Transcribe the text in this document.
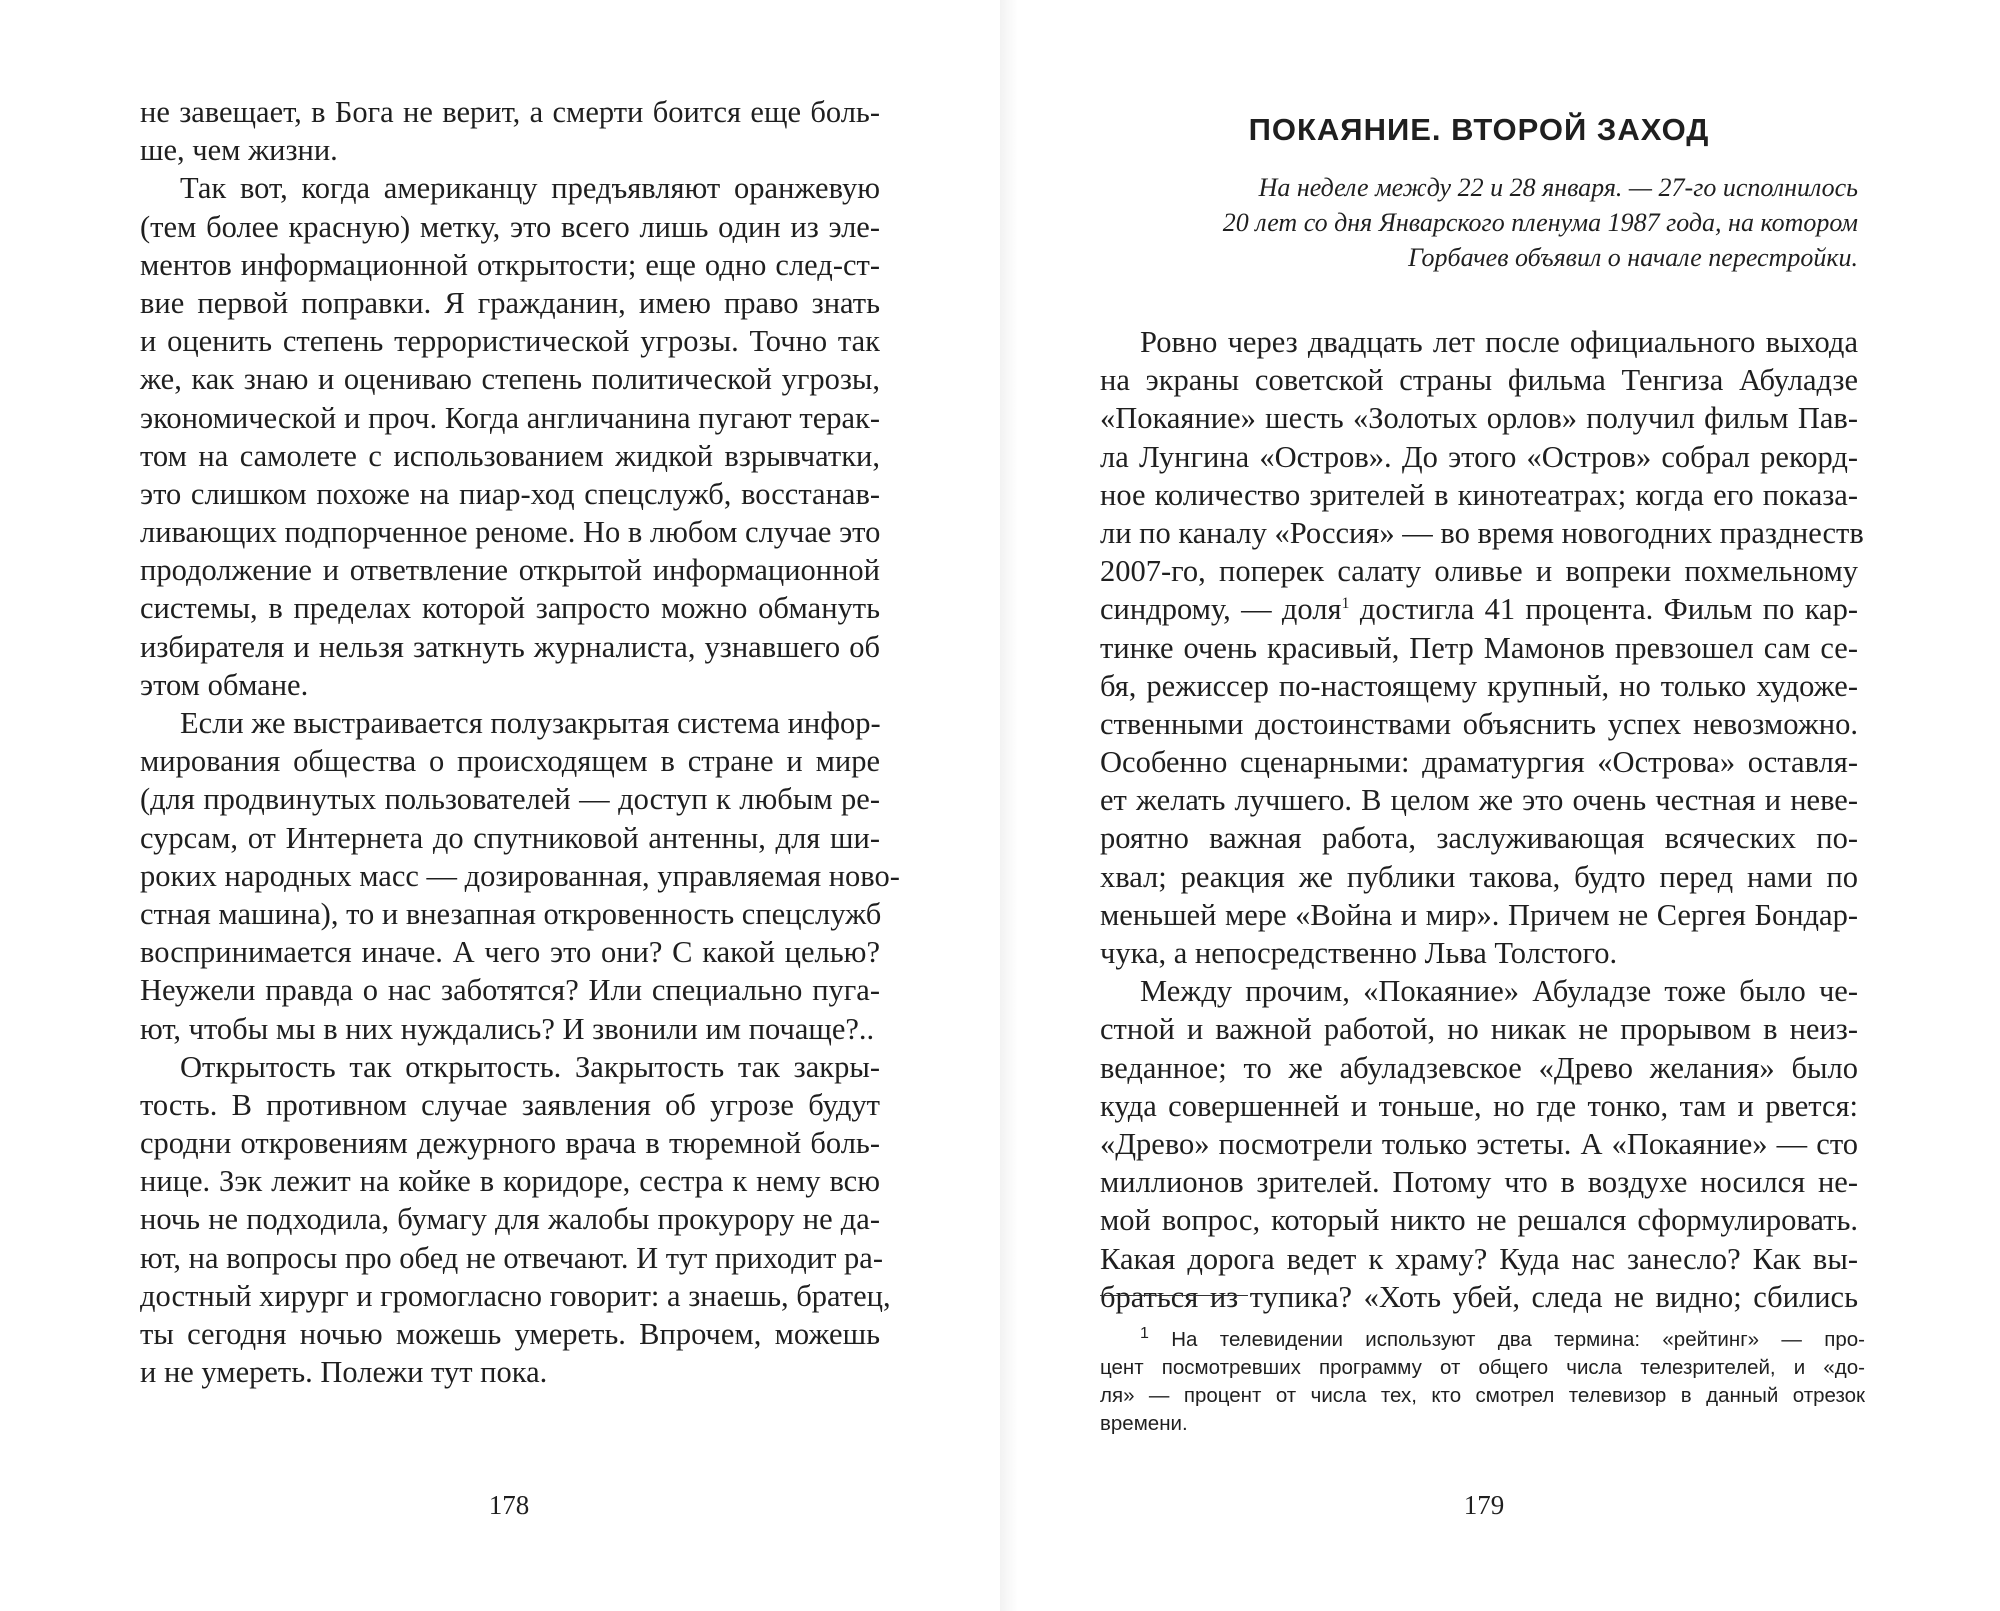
не завещает, в Бога не верит, а смерти боится еще боль-
ше, чем жизни.
Так вот, когда американцу предъявляют оранжевую
(тем более красную) метку, это всего лишь один из эле-
ментов информационной открытости; еще одно след-ст-
вие первой поправки. Я гражданин, имею право знать
и оценить степень террористической угрозы. Точно так
же, как знаю и оцениваю степень политической угрозы,
экономической и проч. Когда англичанина пугают терак-
том на самолете с использованием жидкой взрывчатки,
это слишком похоже на пиар-ход спецслужб, восстанав-
ливающих подпорченное реноме. Но в любом случае это
продолжение и ответвление открытой информационной
системы, в пределах которой запросто можно обмануть
избирателя и нельзя заткнуть журналиста, узнавшего об
этом обмане.
Если же выстраивается полузакрытая система инфор-
мирования общества о происходящем в стране и мире
(для продвинутых пользователей — доступ к любым ре-
сурсам, от Интернета до спутниковой антенны, для ши-
роких народных масс — дозированная, управляемая ново-
стная машина), то и внезапная откровенность спецслужб
воспринимается иначе. А чего это они? С какой целью?
Неужели правда о нас заботятся? Или специально пуга-
ют, чтобы мы в них нуждались? И звонили им почаще?..
Открытость так открытость. Закрытость так закры-
тость. В противном случае заявления об угрозе будут
сродни откровениям дежурного врача в тюремной боль-
нице. Зэк лежит на койке в коридоре, сестра к нему всю
ночь не подходила, бумагу для жалобы прокурору не да-
ют, на вопросы про обед не отвечают. И тут приходит ра-
достный хирург и громогласно говорит: а знаешь, братец,
ты сегодня ночью можешь умереть. Впрочем, можешь
и не умереть. Полежи тут пока.
178
ПОКАЯНИЕ. ВТОРОЙ ЗАХОД
На неделе между 22 и 28 января. — 27-го исполнилось
20 лет со дня Январского пленума 1987 года, на котором
Горбачев объявил о начале перестройки.
Ровно через двадцать лет после официального выхода
на экраны советской страны фильма Тенгиза Абуладзе
«Покаяние» шесть «Золотых орлов» получил фильм Пав-
ла Лунгина «Остров». До этого «Остров» собрал рекорд-
ное количество зрителей в кинотеатрах; когда его показа-
ли по каналу «Россия» — во время новогодних празднеств
2007-го, поперек салату оливье и вопреки похмельному
синдрому, — доля$^1$ достигла 41 процента. Фильм по кар-
тинке очень красивый, Петр Мамонов превзошел сам се-
бя, режиссер по-настоящему крупный, но только художе-
ственными достоинствами объяснить успех невозможно.
Особенно сценарными: драматургия «Острова» оставля-
ет желать лучшего. В целом же это очень честная и неве-
роятно важная работа, заслуживающая всяческих по-
хвал; реакция же публики такова, будто перед нами по
меньшей мере «Война и мир». Причем не Сергея Бондар-
чука, а непосредственно Льва Толстого.
Между прочим, «Покаяние» Абуладзе тоже было че-
стной и важной работой, но никак не прорывом в неиз-
веданное; то же абуладзевское «Древо желания» было
куда совершенней и тоньше, но где тонко, там и рвется:
«Древо» посмотрели только эстеты. А «Покаяние» — сто
миллионов зрителей. Потому что в воздухе носился не-
мой вопрос, который никто не решался сформулировать.
Какая дорога ведет к храму? Куда нас занесло? Как вы-
браться из тупика? «Хоть убей, следа не видно; сбились
$^1$ На телевидении используют два термина: «рейтинг» — про-
цент посмотревших программу от общего числа телезрителей, и «до-
ля» — процент от числа тех, кто смотрел телевизор в данный отрезок
времени.
179
